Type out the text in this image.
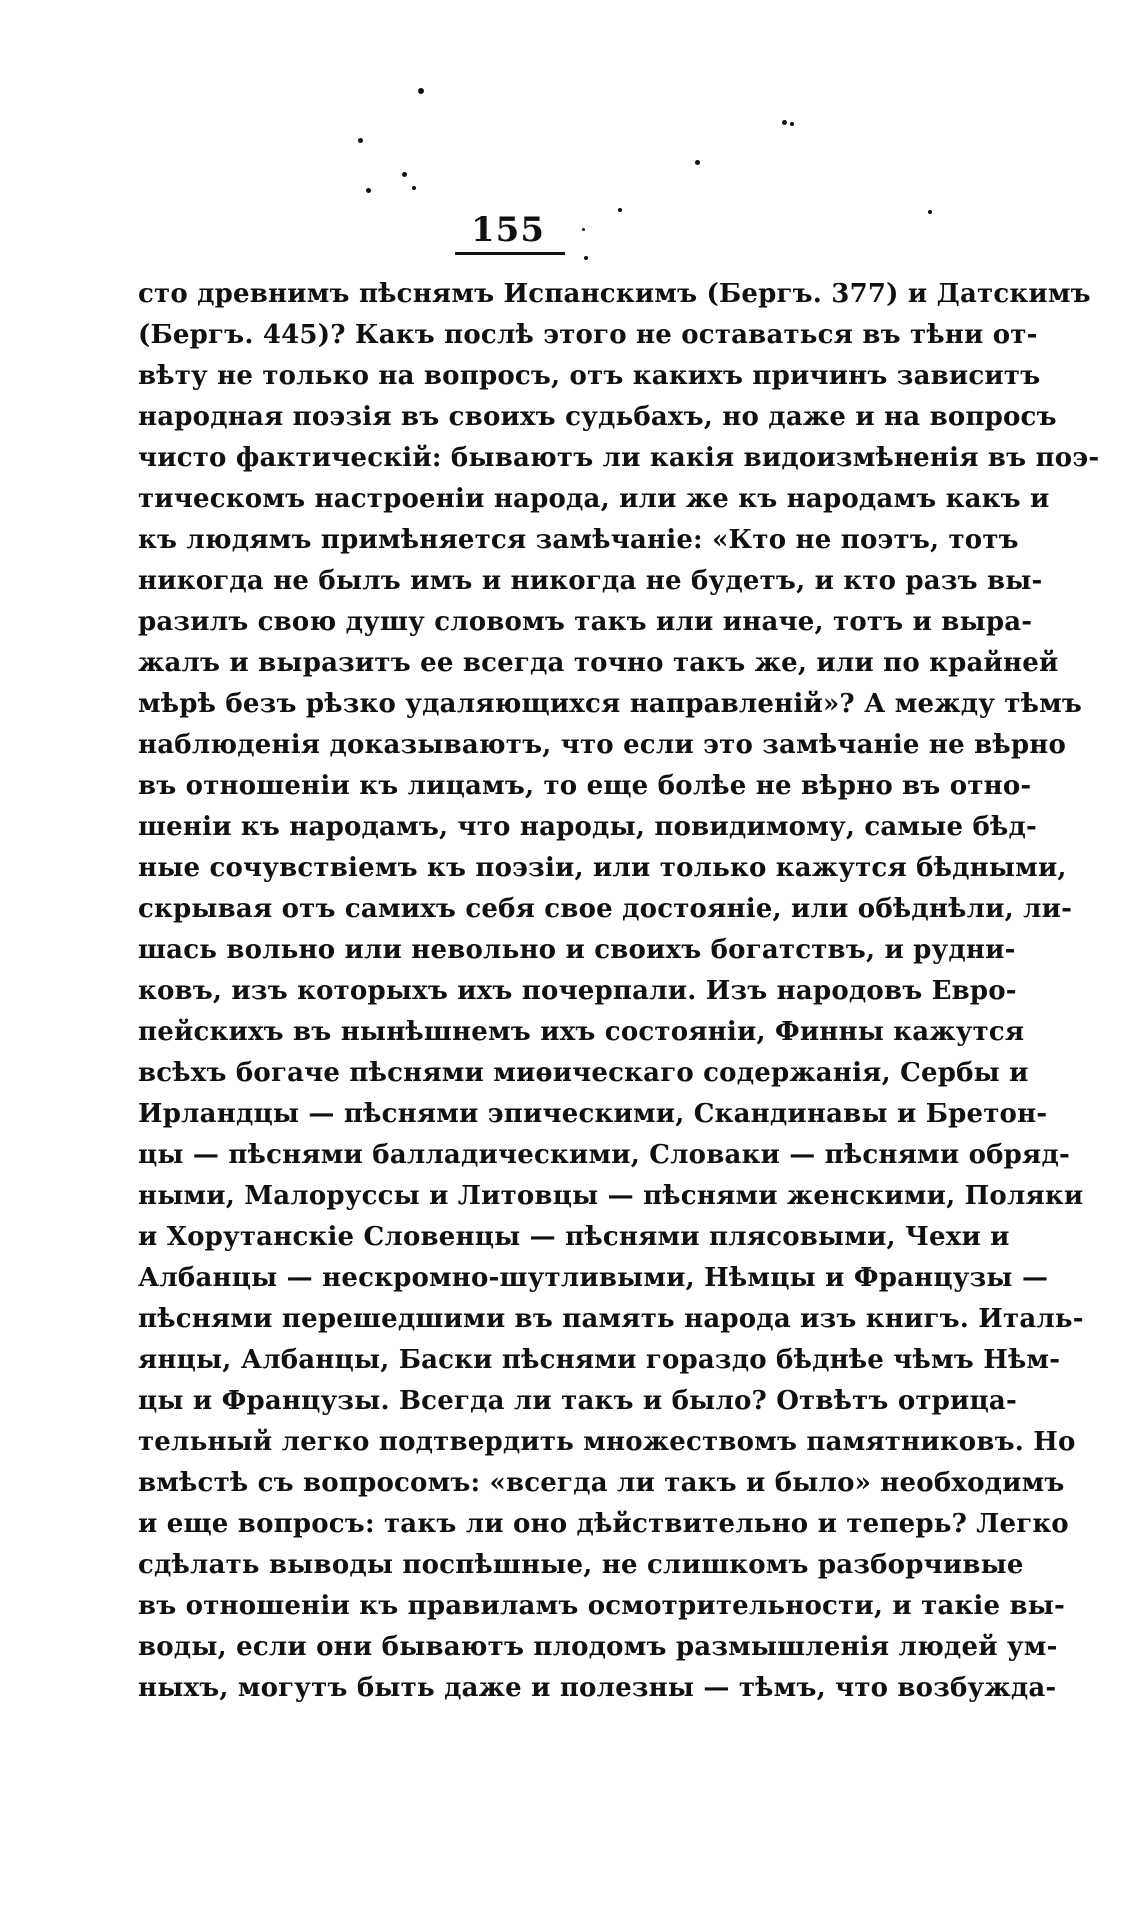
155
сто древнимъ пѣснямъ Испанскимъ (Бергъ. 377) и Датскимъ
(Бергъ. 445)? Какъ послѣ этого не оставаться въ тѣни от-
вѣту не только на вопросъ, отъ какихъ причинъ зависитъ
народная поэзія въ своихъ судьбахъ, но даже и на вопросъ
чисто фактическій: бываютъ ли какія видоизмѣненія въ поэ-
тическомъ настроеніи народа, или же къ народамъ какъ и
къ людямъ примѣняется замѣчаніе: «Кто не поэтъ, тотъ
никогда не былъ имъ и никогда не будетъ, и кто разъ вы-
разилъ свою душу словомъ такъ или иначе, тотъ и выра-
жалъ и выразитъ ее всегда точно такъ же, или по крайней
мѣрѣ безъ рѣзко удаляющихся направленій»? А между тѣмъ
наблюденія доказываютъ, что если это замѣчаніе не вѣрно
въ отношеніи къ лицамъ, то еще болѣе не вѣрно въ отно-
шеніи къ народамъ, что народы, повидимому, самые бѣд-
ные сочувствіемъ къ поэзіи, или только кажутся бѣдными,
скрывая отъ самихъ себя свое достояніе, или обѣднѣли, ли-
шась вольно или невольно и своихъ богатствъ, и рудни-
ковъ, изъ которыхъ ихъ почерпали. Изъ народовъ Евро-
пейскихъ въ нынѣшнемъ ихъ состояніи, Финны кажутся
всѣхъ богаче пѣснями миѳическаго содержанія, Сербы и
Ирландцы — пѣснями эпическими, Скандинавы и Бретон-
цы — пѣснями балладическими, Словаки — пѣснями обряд-
ными, Малоруссы и Литовцы — пѣснями женскими, Поляки
и Хорутанскіе Словенцы — пѣснями плясовыми, Чехи и
Албанцы — нескромно-шутливыми, Нѣмцы и Французы —
пѣснями перешедшими въ память народа изъ книгъ. Италь-
янцы, Албанцы, Баски пѣснями гораздо бѣднѣе чѣмъ Нѣм-
цы и Французы. Всегда ли такъ и было? Отвѣтъ отрица-
тельный легко подтвердить множествомъ памятниковъ. Но
вмѣстѣ съ вопросомъ: «всегда ли такъ и было» необходимъ
и еще вопросъ: такъ ли оно дѣйствительно и теперь? Легко
сдѣлать выводы поспѣшные, не слишкомъ разборчивые
въ отношеніи къ правиламъ осмотрительности, и такіе вы-
воды, если они бываютъ плодомъ размышленія людей ум-
ныхъ, могутъ быть даже и полезны — тѣмъ, что возбужда-
